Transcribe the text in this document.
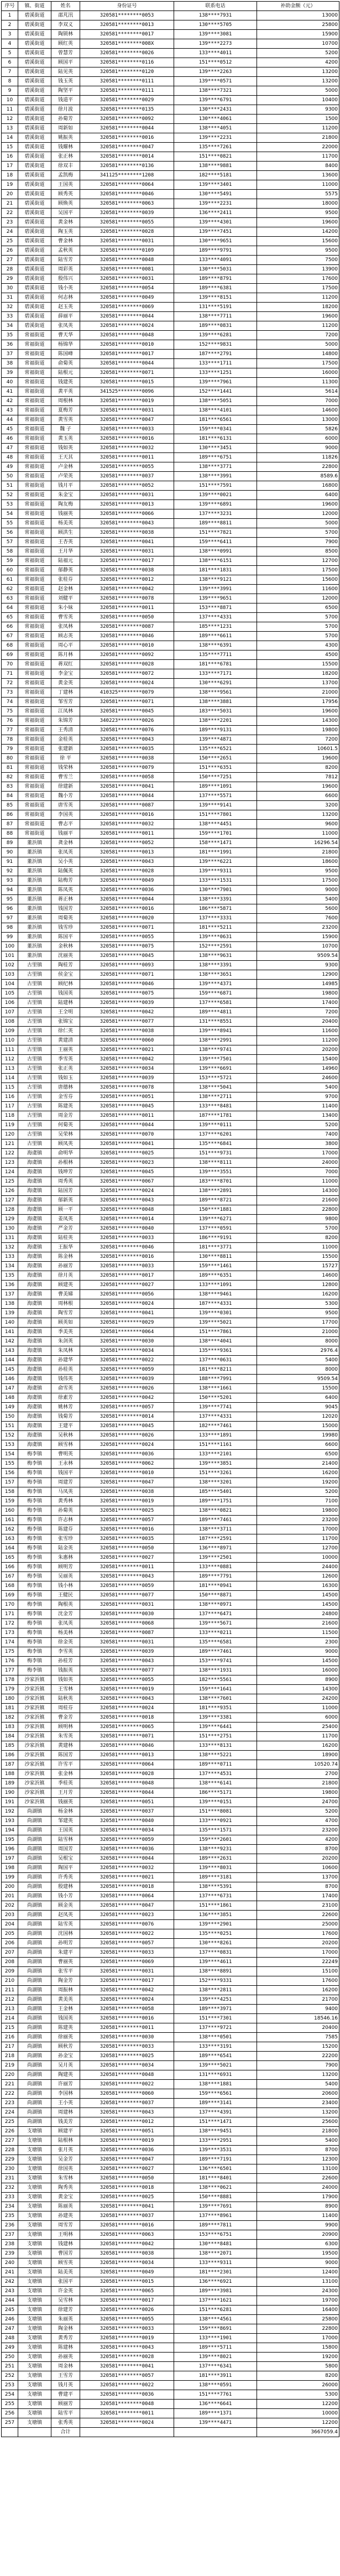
序号	镇、街道	姓名	身份证号	联系电话	补助金额（元）
1	碧溪街道	邵芃汛	320581********0053	138****7931	13000
2	碧溪街道	李双义	320581********0013	130****5705	25800
3	碧溪街道	陶锁林	320581********0017	139****3081	15900
4	碧溪街道	顾红英	320581********008X	139****2273	10700
5	碧溪街道	曾慧芳	320581********0026	133****4011	5200
6	碧溪街道	顾国平	320581********0116	151****0512	4200
7	碧溪街道	陆见英	320581********0120	139****2263	13200
8	碧溪街道	钱玉英	320581********0111	139****0571	13200
9	碧溪街道	陶坚平	320581********0111	138****7321	5000
10	碧溪街道	钱道平	320581********0029	139****6791	10400
11	碧溪街道	徐月波	320581********0135	130****2431	9300
12	碧溪街道	孙菊芳	320581********0092	130****4061	1500
13	碧溪街道	周新如	320581********0044	138****4051	11200
14	碧溪街道	姚振英	320581********0016	139****2231	21800
15	碧溪街道	钱耀林	320581********0047	135****7261	22000
16	碧溪街道	张正林	320581********0014	151****0821	11700
17	碧溪街道	徐双丰	320581********0136	138****9881	8400
18	碧溪街道	孟凯梅	341125********1208	182****5181	13600
19	碧溪街道	王国英	320581********0064	139****3401	11000
20	碧溪街道	顾秀英	320581********0046	130****5491	5575
21	碧溪街道	顾焕英	320581********0063	139****2231	18000
22	碧溪街道	吴国平	320581********0039	136****2411	9500
23	碧溪街道	黄金林	320581********0055	139****4301	19600
24	碧溪街道	陶玉英	320581********0028	139****7451	14200
25	碧溪街道	曹金林	320581********0031	130****9651	15600
26	碧溪街道	孟秋英	320581********0109	189****9791	9500
27	碧溪街道	陆雪芳	320581********0048	133****4091	7500
28	碧溪街道	周彩英	320581********0081	130****5031	13900
29	碧溪街道	殷伟兴	320581********0031	189****8791	17600
30	碧溪街道	钱小英	320581********0054	189****6381	17500
31	碧溪街道	何志林	320581********0049	139****8151	11200
32	碧溪街道	赵玉英	320581********0069	131****5191	18200
33	碧溪街道	薛丽平	320581********0044	138****7711	19600
34	碧溪街道	张凤英	320581********0024	189****0831	11200
35	常福街道	曹天华	320581********0048	139****6281	7200
36	常福街道	杨锦华	320581********0010	152****9831	5000
37	常福街道	陈国峰	320581********0017	187****2791	14800
38	常福街道	俞菊英	320581********0044	133****1711	17500
39	常福街道	陆根元	320581********0071	133****1251	16000
40	常福街道	钱建英	320581********0015	139****7961	11300
41	常福街道	黄平英	341525********0096	152****1441	5614
42	常福街道	周根林	320581********0019	138****5051	7000
43	常福街道	夏梅芳	320581********0031	138****4101	14600
44	常福街道	黄雪英	320581********0047	181****6561	13000
45	常福街道	魏 子	320581********0033	159****0341	5826
46	常福街道	黄玉英	320581********0016	181****6131	6000
47	常福街道	钱如英	320581********0032	130****3451	9000
48	常福街道	王天其	320581********0011	189****6751	11826
49	常福街道	卢金林	320581********0055	138****3771	22800
50	常福街道	卢荣英	320581********0037	138****3991	8589.6
51	常福街道	钱月平	320581********0052	151****7591	16800
52	常福街道	朱金宝	320581********0031	139****0021	6400
53	常福街道	陶友梅	320581********0013	139****6891	19600
54	常福街道	钱丽英	320581********0066	137****3231	12000
55	常福街道	杨美英	320581********0043	189****8811	5000
56	常福街道	顾洪生	320581********0038	151****7821	5700
57	常福街道	王杏英	320581********0041	159****6411	7900
58	常福街道	王月华	320581********0031	138****0991	8500
59	常福街道	陆福元	320581********0017	138****6151	12700
60	常福街道	郁静英	320581********0038	181****1831	17500
61	常福街道	张桂芬	320581********0012	138****9121	15600
62	常福街道	赵金林	320581********0042	139****3991	11600
63	常福街道	刘健平	320581********0078	139****9651	12000
64	常福街道	朱小妹	320581********0011	153****8871	6500
65	常福街道	曹雪英	320581********0050	137****4331	5700
66	常福街道	张凤林	320581********0087	185****1231	5700
67	常福街道	顾志英	320581********0046	189****6611	5700
68	常福街道	周心平	320581********0010	138****6391	4300
69	常福街道	陈月林	320581********0092	135****7711	4500
70	常福街道	蒋双红	320581********0028	181****6781	15500
71	常福街道	李金宝	320581********0072	133****7171	18200
72	常福街道	黄金英	320581********0024	130****6291	13700
73	常福街道	丁建林	410325********0079	138****9561	21000
74	常福街道	邹雪芳	320581********0071	138****3881	17956
75	常福街道	江凤林	320581********0045	183****5031	19600
76	常福街道	朱锦芳	340223********0026	138****2201	14300
77	常福街道	王秀清	320581********0076	189****9131	19800
78	常福街道	金桂英	320581********0043	139****4871	7200
79	常福街道	张建新	320581********0035	135****6521	10601.5
80	常福街道	徐 平	320581********0038	150****2651	19600
81	常福街道	钱荣林	320581********0079	151****6351	8200
82	常福街道	曹雪兰	320581********0058	150****7251	7812
83	常福街道	徐建新	320581********0041	189****1091	19600
84	常福街道	魏小芳	320581********0044	137****5571	6600
85	常福街道	唐雪英	320581********0087	139****9141	3200
86	常福街道	李国英	320581********0016	151****7801	13200
87	常福街道	曹志平	320581********0032	138****4451	9600
88	常福街道	钱丽平	320581********0011	159****1701	11000
89	董浜镇	龚金林	320581********0052	158****1471	16296.54
90	董浜镇	张凤英	320581********0013	181****1991	21800
91	董浜镇	吴小英	320581********0043	139****6221	18600
92	董浜镇	陆佩英	320581********0028	139****9311	9500
93	董浜镇	陆梅芳	320581********0049	133****1531	17500
94	董浜镇	陈凤英	320581********0036	130****7901	9000
95	董浜镇	蒋正林	320581********0044	138****3391	5400
96	董浜镇	钱国芳	320581********0016	186****5871	5600
97	董浜镇	周菊英	320581********0020	137****3331	7600
98	董浜镇	钱雪珍	320581********0071	181****5211	23200
99	董浜镇	陈国平	320581********0055	139****0631	15900
100	董浜镇	金秋林	320581********0075	152****2591	10700
101	董浜镇	沈丽英	320581********0045	138****9631	9509.54
102	古里镇	陶桂芳	320581********0093	138****3391	9300
103	古里镇	侯金宝	320581********0071	138****3651	12900
104	古里镇	顾纪林	320581********0046	139****4371	14985
105	古里镇	钱国英	320581********0075	159****6871	19800
106	古里镇	陆建林	320581********0039	137****6581	17400
107	古里镇	王全明	320581********0042	189****4811	7200
108	古里镇	张锦宝	320581********0077	131****8551	20400
109	古里镇	徐仁英	320581********0038	139****8941	11600
110	古里镇	黄建清	320581********0060	138****2991	11200
111	古里镇	王丽英	320581********0021	138****9741	20200
112	古里镇	季雪英	320581********0042	139****7501	15400
113	古里镇	张正英	320581********0034	139****6691	14960
114	古里镇	钱如玉	320581********0039	153****5721	24600
115	古里镇	唐德林	320581********0078	138****5041	5400
116	古里镇	金雪芬	320581********0051	138****2711	9700
117	古里镇	陈建英	320581********0045	133****8481	11400
118	古里镇	周金芳	320581********0011	187****1781	13400
119	古里镇	何菊英	320581********0044	139****0111	5200
120	古里镇	吴荣林	320581********0070	137****6201	7400
121	古里镇	顾凤英	320581********0041	135****6841	3800
122	海虞镇	俞明华	320581********0025	151****9731	17000
123	海虞镇	孙根林	320581********0023	138****8111	24000
124	海虞镇	钱坤芳	320581********0045	139****3551	7000
125	海虞镇	周秀英	320581********0067	183****8701	11000
126	海虞镇	陆国芳	320581********0024	138****2891	14300
127	海虞镇	郁新英	320581********0043	189****8721	21600
128	海虞镇	顾一平	320581********0048	150****1881	22800
129	海虞镇	姜凤英	320581********0014	139****6271	9800
130	海虞镇	严金芳	320581********0040	137****0591	5700
131	海虞镇	陆桂英	320581********0033	186****9191	8200
132	海虞镇	王振华	320581********0046	181****3771	11000
133	海虞镇	陈金林	320581********0016	130****8811	15500
134	海虞镇	孙丽芳	320581********0033	159****1461	15727
135	海虞镇	徐月英	320581********0017	189****6351	14600
136	海虞镇	顾建英	320581********0027	133****1091	12800
137	海虞镇	曹美娣	320581********0056	138****9461	16200
138	海虞镇	周林根	320581********0024	187****4331	5300
139	海虞镇	陶雪芳	320581********0041	139****0301	9500
140	海虞镇	顾英如	320581********0029	139****5021	17700
141	海虞镇	季美英	320581********0064	151****7861	21000
142	海虞镇	朱剑英	320581********0030	138****4041	8000
143	海虞镇	朱凤林	320581********0034	135****9361	2976.4
144	海虞镇	孙建华	320581********0022	137****0631	5400
145	海虞镇	孙桂英	320581********0059	181****8211	8000
146	海虞镇	钱伟英	320581********0039	188****7991	9509.54
147	海虞镇	俞雪英	320581********0026	138****1661	15500
148	海虞镇	徐素芳	320581********0042	150****5201	6400
149	海虞镇	姚林芳	320581********0057	139****7741	9045
150	海虞镇	钱菊芳	320581********0014	137****4331	12020
151	海虞镇	王建平	320581********0045	182****7461	15000
152	海虞镇	吴秋林	320581********0026	133****1891	19980
153	海虞镇	顾雪林	320581********0024	151****1161	6600
154	梅李镇	曹明英	320581********0036	133****2101	6500
155	梅李镇	王永林	320581********0062	139****3851	21400
156	梅李镇	钱国平	320581********0010	151****3261	16200
157	梅李镇	周建芳	320581********0047	138****3201	19200
158	梅李镇	马凤英	320581********0038	185****5401	5200
159	梅李镇	黄秀林	320581********0019	189****1751	7100
160	梅李镇	孙菊英	320581********0025	138****0821	19800
161	梅李镇	许志林	320581********0057	189****7461	23200
162	梅李镇	陈建芬	320581********0016	138****3711	17000
163	梅李镇	张雪珍	320581********0035	187****2591	11700
164	梅李镇	陆金英	320581********0050	136****8971	12700
165	梅李镇	朱惠林	320581********0027	139****2501	10000
166	梅李镇	顾明芳	320581********0011	133****0881	24400
167	梅李镇	吴丽英	320581********0043	189****7791	12600
168	梅李镇	钱小林	320581********0059	181****0941	16300
169	梅李镇	王健民	320581********0077	150****8871	14500
170	梅李镇	陶根英	320581********0031	138****0971	14500
171	梅李镇	沈金芳	320581********0030	137****6471	24800
172	梅李镇	张凤英	320581********0068	139****5671	21600
173	梅李镇	杨美林	320581********0087	133****0211	11500
174	梅李镇	徐金英	320581********0031	135****6581	2300
175	梅李镇	李雪英	320581********0039	189****7461	9000
176	梅李镇	孙桂芳	320581********0043	153****9741	14500
177	梅李镇	钱振英	320581********0077	138****1931	16000
178	沙家浜镇	钱如英	320581********0055	182****5561	8900
179	沙家浜镇	王雪林	320581********0019	159****1641	14300
180	沙家浜镇	陆秋英	320581********0043	138****7601	24200
181	沙家浜镇	周桂芬	320581********0024	181****9351	11000
182	沙家浜镇	曹金芳	320581********0018	139****3381	6000
183	沙家浜镇	顾明林	320581********0065	139****6441	25400
184	沙家浜镇	朱雪英	320581********0071	151****2751	11700
185	沙家浜镇	黄建林	320581********0046	133****8131	16200
186	沙家浜镇	陈国芳	320581********0013	138****5221	18900
187	沙家浜镇	许雪平	320581********0064	189****0711	10520.74
188	沙家浜镇	张金林	320581********0028	137****4531	2700
189	沙家浜镇	季桂英	320581********0048	138****6141	21800
190	沙家浜镇	王月芳	320581********0044	186****5171	19800
191	沙家浜镇	钱丽英	320581********0051	139****0151	24700
192	尚湖镇	杨金林	320581********0037	151****8081	5200
193	尚湖镇	邹建英	320581********0040	133****0921	4700
194	尚湖镇	王国英	320581********0034	135****1571	23200
195	尚湖镇	陆雪林	320581********0059	159****2601	4200
196	尚湖镇	周国芳	320581********0036	138****9231	8700
197	尚湖镇	吴根宝	320581********0044	189****2631	20200
198	尚湖镇	陶国平	320581********0032	139****8031	10600
199	尚湖镇	许秀英	320581********0021	189****3181	13700
200	尚湖镇	殷建林	320581********0018	138****5391	8700
201	尚湖镇	钱小芳	320581********0064	137****6731	17400
202	尚湖镇	顾金英	320581********0047	151****1861	23100
203	尚湖镇	赵凤英	320581********0023	136****3851	22600
204	尚湖镇	陆雪英	320581********0076	139****2901	25000
205	尚湖镇	沈国林	320581********0022	135****0251	17600
206	尚湖镇	孙明芳	320581********0057	130****8261	20200
207	尚湖镇	朱建平	320581********0033	137****0831	17000
208	尚湖镇	曹丽英	320581********0069	139****4611	22249
209	尚湖镇	张雪平	320581********0031	138****8891	15100
210	尚湖镇	陶金芳	320581********0017	152****9331	17600
211	尚湖镇	周振林	320581********0042	138****2811	16200
212	尚湖镇	黄美英	320581********0024	139****4251	21700
213	尚湖镇	王金林	320581********0058	189****3971	9400
214	尚湖镇	钱国英	320581********0016	151****7301	18546.16
215	尚湖镇	陈建英	320581********0011	137****9721	20400
216	尚湖镇	徐丽英	320581********0030	138****0501	7585
217	尚湖镇	顾秋芳	320581********0033	133****3191	15200
218	尚湖镇	孙金宝	320581********0025	189****6541	22200
219	尚湖镇	吴月英	320581********0034	139****5021	7900
220	尚湖镇	陶建英	320581********0048	131****6931	13200
221	尚湖镇	许丽芳	320581********0022	138****1881	5400
222	尚湖镇	李国林	320581********0060	159****6561	20600
223	尚湖镇	王小英	320581********0037	189****3141	23400
224	尚湖镇	周建林	320581********0043	137****4391	13200
225	尚湖镇	钱美芳	320581********0012	151****1471	25600
226	支塘镇	顾建平	320581********0051	138****9451	21800
227	支塘镇	陆根林	320581********0019	133****2951	5400
228	支塘镇	张月英	320581********0036	139****3531	8700
229	支塘镇	吴金芳	320581********0047	189****7191	12300
230	支塘镇	徐国英	320581********0027	136****6501	13100
231	支塘镇	朱雪林	320581********0050	181****8401	22600
232	支塘镇	陶秀英	320581********0018	138****0621	24000
233	支塘镇	黄金宝	320581********0025	150****8881	17900
234	支塘镇	陈丽英	320581********0041	139****7691	8900
235	支塘镇	孙建英	320581********0037	137****8961	11400
236	支塘镇	周雪芳	320581********0016	189****7811	9900
237	支塘镇	王明林	320581********0063	153****6751	20900
238	支塘镇	钱建林	320581********0042	130****8481	6300
239	支塘镇	曹国芳	320581********0038	138****2071	19500
240	支塘镇	顾雪英	320581********0034	133****9311	9000
241	支塘镇	陆美英	320581********0049	181****2301	12400
242	支塘镇	张国平	320581********0015	136****6921	13100
243	支塘镇	许金英	320581********0065	189****3981	24300
244	支塘镇	吴雪林	320581********0017	137****1621	19700
245	支塘镇	徐建芳	320581********0026	151****6281	16400
246	支塘镇	朱丽英	320581********0055	138****4561	25800
247	支塘镇	陶金林	320581********0033	159****8691	22800
248	支塘镇	黄秀芳	320581********0019	133****1901	17000
249	支塘镇	陈建林	320581********0043	189****5711	15800
250	支塘镇	孙丽英	320581********0028	139****8021	19200
251	支塘镇	周金林	320581********0041	137****6341	5800
252	支塘镇	王雪芳	320581********0057	181****3911	8200
253	支塘镇	钱月英	320581********0022	138****0591	26000
254	支塘镇	曹建平	320581********0036	151****7761	5300
255	支塘镇	顾丽芳	320581********0048	136****6641	12200
256	支塘镇	陆雪平	320581********0011	189****1371	10000
257	支塘镇	张秀英	320581********0024	139****4471	12200
		合计			3667059.4
